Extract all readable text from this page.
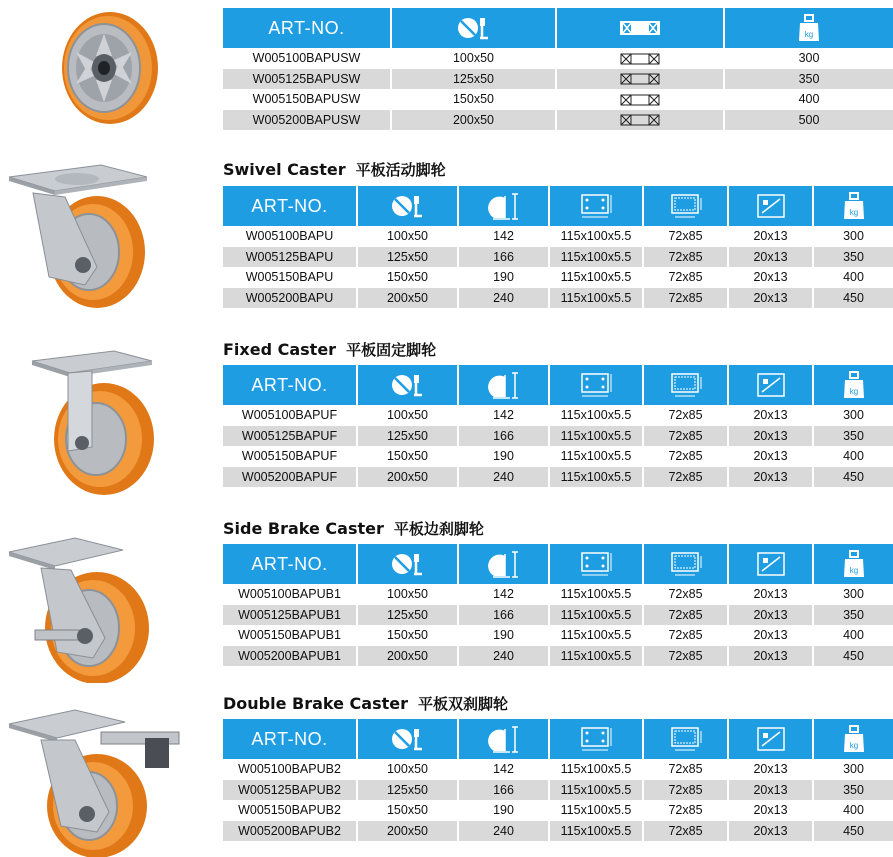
ART-NO.			kg

W005100BAPUSW	100x50		300
W005125BAPUSW	125x50		350
W005150BAPUSW	150x50		400
W005200BAPUSW	200x50		500
Swivel Caster 平板活动脚轮
ART-NO.						kg

W005100BAPU	100x50	142	115x100x5.5	72x85	20x13	300
W005125BAPU	125x50	166	115x100x5.5	72x85	20x13	350
W005150BAPU	150x50	190	115x100x5.5	72x85	20x13	400
W005200BAPU	200x50	240	115x100x5.5	72x85	20x13	450
Fixed Caster 平板固定脚轮
ART-NO.						kg

W005100BAPUF	100x50	142	115x100x5.5	72x85	20x13	300
W005125BAPUF	125x50	166	115x100x5.5	72x85	20x13	350
W005150BAPUF	150x50	190	115x100x5.5	72x85	20x13	400
W005200BAPUF	200x50	240	115x100x5.5	72x85	20x13	450
Side Brake Caster 平板边刹脚轮
ART-NO.						kg

W005100BAPUB1	100x50	142	115x100x5.5	72x85	20x13	300
W005125BAPUB1	125x50	166	115x100x5.5	72x85	20x13	350
W005150BAPUB1	150x50	190	115x100x5.5	72x85	20x13	400
W005200BAPUB1	200x50	240	115x100x5.5	72x85	20x13	450
Double Brake Caster 平板双刹脚轮
ART-NO.						kg

W005100BAPUB2	100x50	142	115x100x5.5	72x85	20x13	300
W005125BAPUB2	125x50	166	115x100x5.5	72x85	20x13	350
W005150BAPUB2	150x50	190	115x100x5.5	72x85	20x13	400
W005200BAPUB2	200x50	240	115x100x5.5	72x85	20x13	450
